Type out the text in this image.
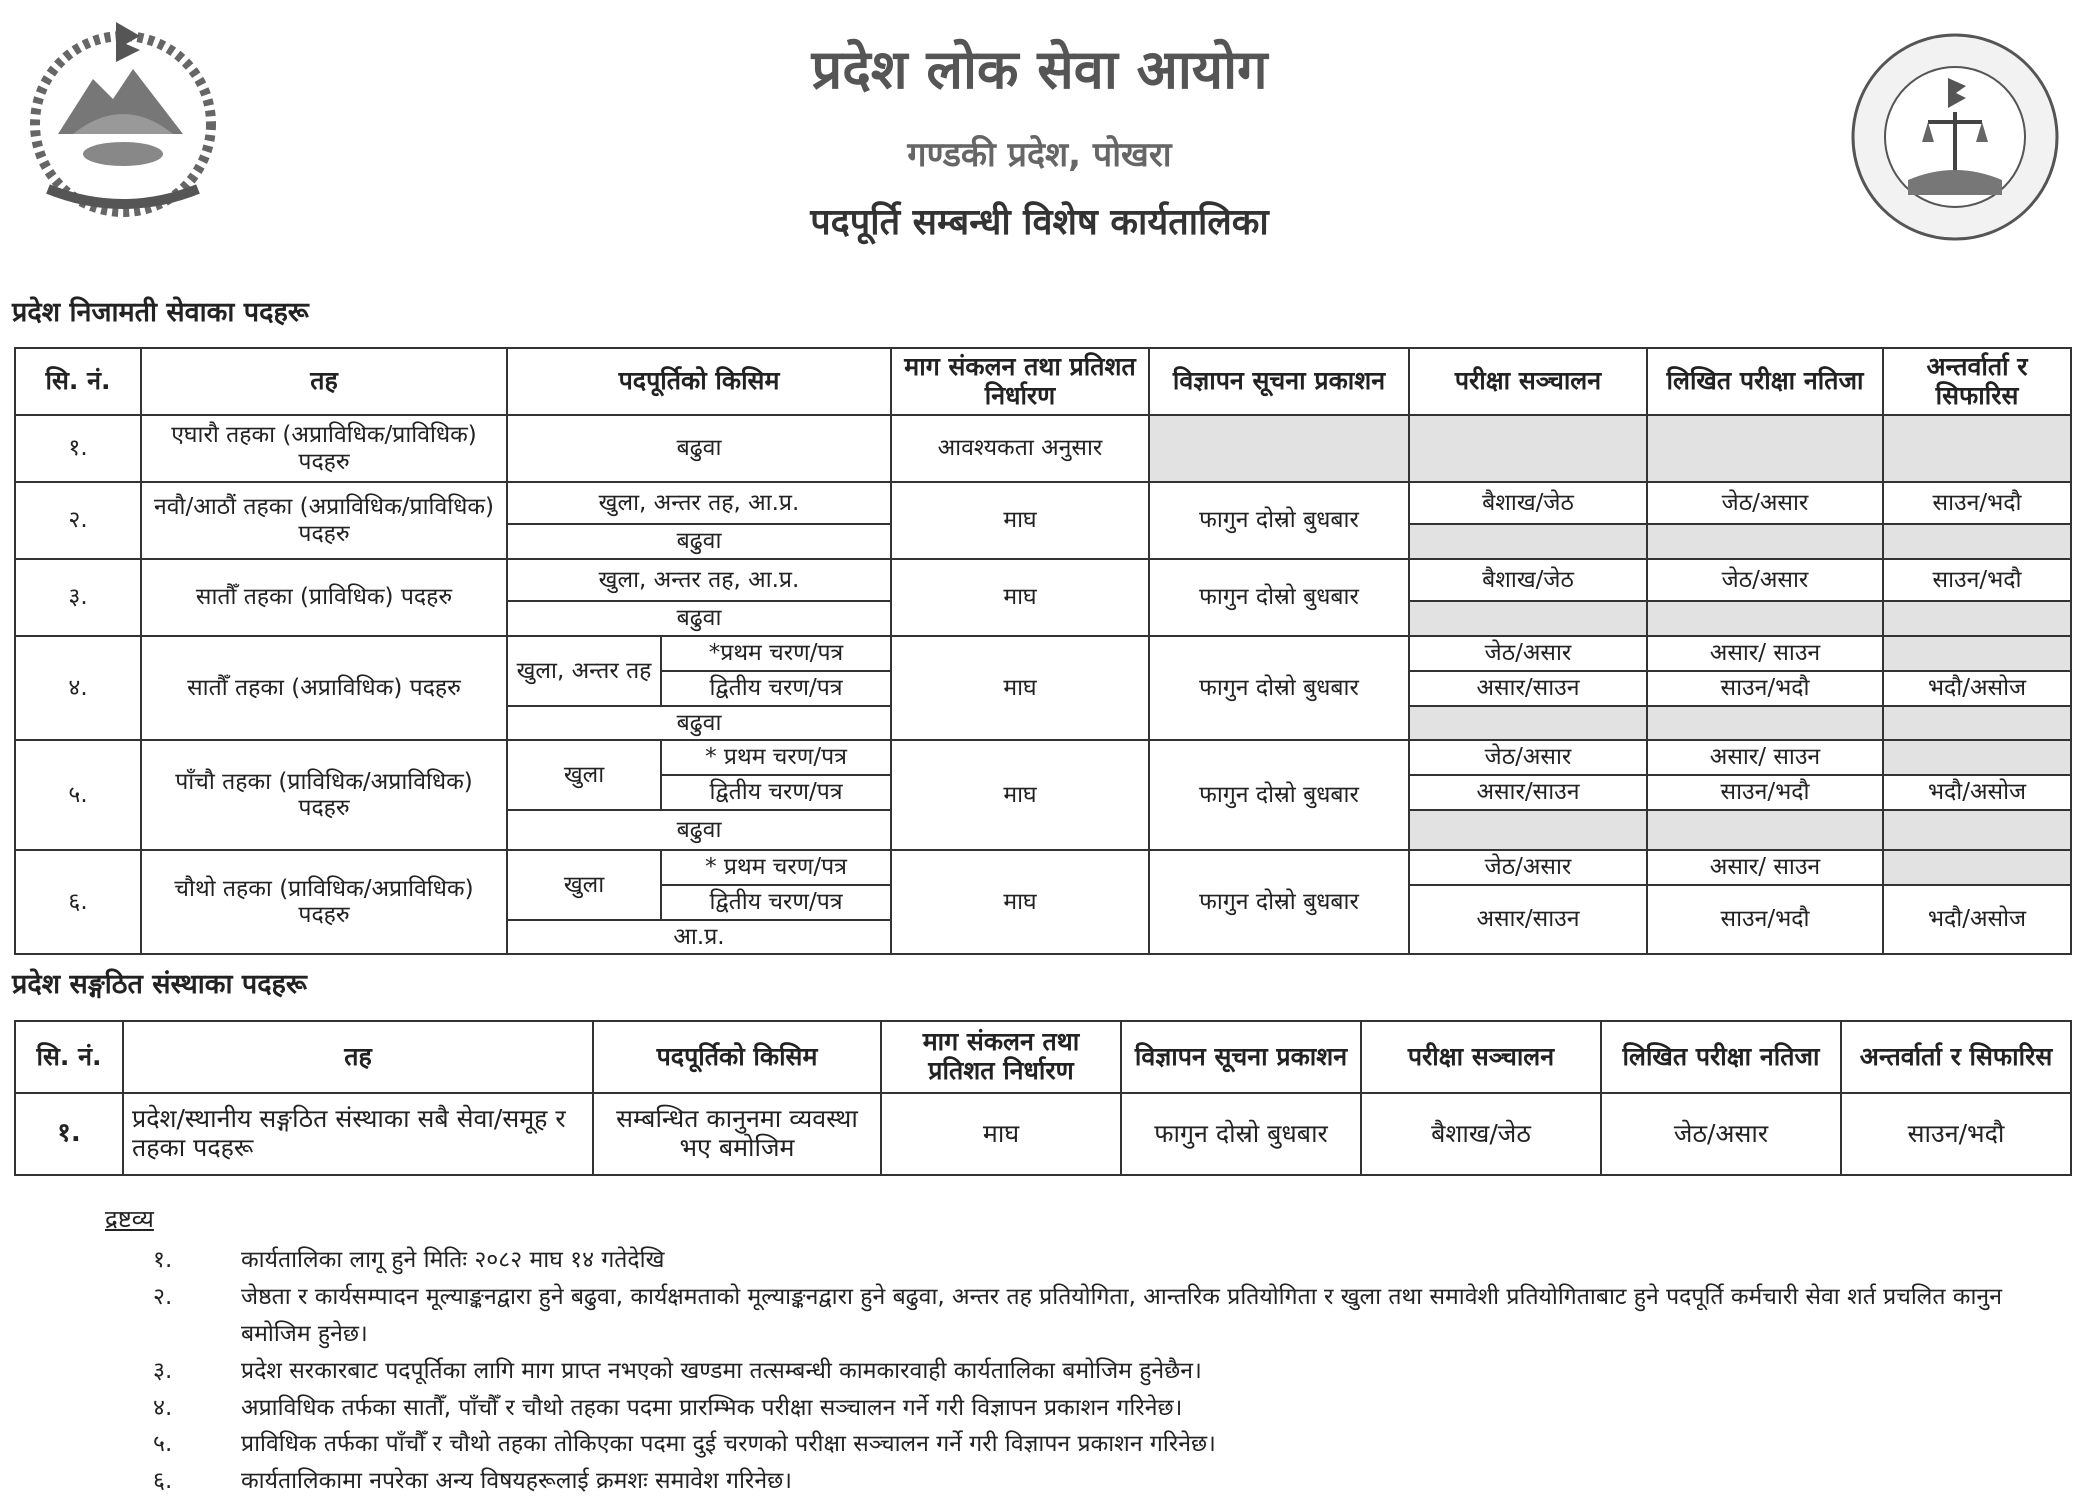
प्रदेश लोक सेवा आयोग
गण्डकी प्रदेश, पोखरा
पदपूर्ति सम्बन्धी विशेष कार्यतालिका
प्रदेश निजामती सेवाका पदहरू
सि. नं.	तह	पदपूर्तिको किसिम		माग संकलन तथा प्रतिशत निर्धारण	विज्ञापन सूचना प्रकाशन	परीक्षा सञ्चालन	लिखित परीक्षा नतिजा	अन्तर्वार्ता र सिफारिस
१.	एघारौ तहका (अप्राविधिक/प्राविधिक) पदहरु	बढुवा		आवश्यकता अनुसार				
२.	नवौ/आठौं तहका (अप्राविधिक/प्राविधिक) पदहरु	खुला, अन्तर तह, आ.प्र.		माघ	फागुन दोस्रो बुधबार	बैशाख/जेठ	जेठ/असार	साउन/भदौ
		बढुवा						
३.	सातौँ तहका (प्राविधिक) पदहरु	खुला, अन्तर तह, आ.प्र.		माघ	फागुन दोस्रो बुधबार	बैशाख/जेठ	जेठ/असार	साउन/भदौ
		बढुवा						
४.	सातौँ तहका (अप्राविधिक) पदहरु	खुला, अन्तर तह	*प्रथम चरण/पत्र	माघ	फागुन दोस्रो बुधबार	जेठ/असार	असार/ साउन	
			द्वितीय चरण/पत्र			असार/साउन	साउन/भदौ	भदौ/असोज
		बढुवा						
५.	पाँचौ तहका (प्राविधिक/अप्राविधिक) पदहरु	खुला	* प्रथम चरण/पत्र	माघ	फागुन दोस्रो बुधबार	जेठ/असार	असार/ साउन	
			द्वितीय चरण/पत्र			असार/साउन	साउन/भदौ	भदौ/असोज
		बढुवा						
६.	चौथो तहका (प्राविधिक/अप्राविधिक) पदहरु	खुला	* प्रथम चरण/पत्र	माघ	फागुन दोस्रो बुधबार	जेठ/असार	असार/ साउन	
			द्वितीय चरण/पत्र			असार/साउन	साउन/भदौ	भदौ/असोज
		आ.प्र.						
प्रदेश सङ्गठित संस्थाका पदहरू
सि. नं.	तह	पदपूर्तिको किसिम	माग संकलन तथा प्रतिशत निर्धारण	विज्ञापन सूचना प्रकाशन	परीक्षा सञ्चालन	लिखित परीक्षा नतिजा	अन्तर्वार्ता र सिफारिस
१.	प्रदेश/स्थानीय सङ्गठित संस्थाका सबै सेवा/समूह र तहका पदहरू	सम्बन्धित कानुनमा व्यवस्था भए बमोजिम	माघ	फागुन दोस्रो बुधबार	बैशाख/जेठ	जेठ/असार	साउन/भदौ
द्रष्टव्य
१.	कार्यतालिका लागू हुने मितिः २०८२ माघ १४ गतेदेखि
२.	जेष्ठता र कार्यसम्पादन मूल्याङ्कनद्वारा हुने बढुवा, कार्यक्षमताको मूल्याङ्कनद्वारा हुने बढुवा, अन्तर तह प्रतियोगिता, आन्तरिक प्रतियोगिता र खुला तथा समावेशी प्रतियोगिताबाट हुने पदपूर्ति कर्मचारी सेवा शर्त प्रचलित कानुन बमोजिम हुनेछ।
३.	प्रदेश सरकारबाट पदपूर्तिका लागि माग प्राप्त नभएको खण्डमा तत्सम्बन्धी कामकारवाही कार्यतालिका बमोजिम हुनेछैन।
४.	अप्राविधिक तर्फका सातौँ, पाँचौँ र चौथो तहका पदमा प्रारम्भिक परीक्षा सञ्चालन गर्ने गरी विज्ञापन प्रकाशन गरिनेछ।
५.	प्राविधिक तर्फका पाँचौँ र चौथो तहका तोकिएका पदमा दुई चरणको परीक्षा सञ्चालन गर्ने गरी विज्ञापन प्रकाशन गरिनेछ।
६.	कार्यतालिकामा नपरेका अन्य विषयहरूलाई क्रमशः समावेश गरिनेछ।
